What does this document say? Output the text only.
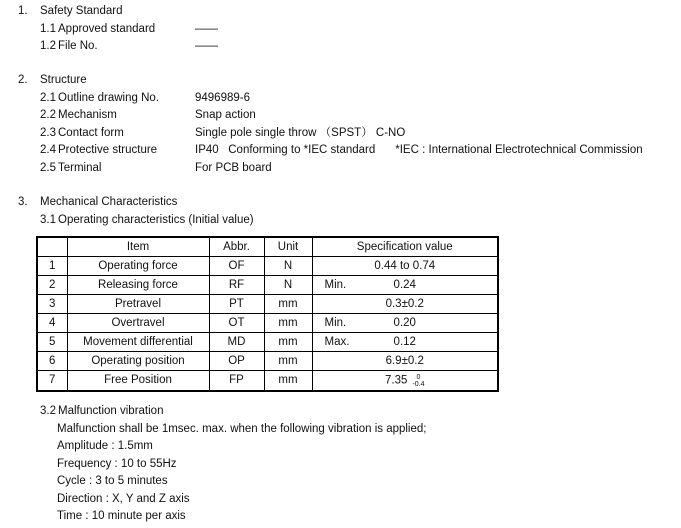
1.	Safety Standard
1.1 Approved standard	——
1.2 File No.	——
2.	Structure
2.1 Outline drawing No.	9496989-6
2.2 Mechanism	Snap action
2.3 Contact form	Single pole single throw （SPST） C-NO
2.4 Protective structure	IP40   Conforming to *IEC standard *IEC : International Electrotechnical Commission
2.5 Terminal	For PCB board
3.	Mechanical Characteristics
3.1 Operating characteristics (Initial value)
	Item	Abbr.	Unit	Specification value
1	Operating force	OF	N	0.44 to 0.74
2	Releasing force	RF	N	Min. 0.24
3	Pretravel	PT	mm	0.3±0.2
4	Overtravel	OT	mm	Min. 0.20
5	Movement differential	MD	mm	Max. 0.12
6	Operating position	OP	mm	6.9±0.2
7	Free Position	FP	mm	7.35 0
-0.4
3.2 Malfunction vibration
Malfunction shall be 1msec. max. when the following vibration is applied;
Amplitude : 1.5mm
Frequency : 10 to 55Hz
Cycle : 3 to 5 minutes
Direction : X, Y and Z axis
Time : 10 minute per axis
